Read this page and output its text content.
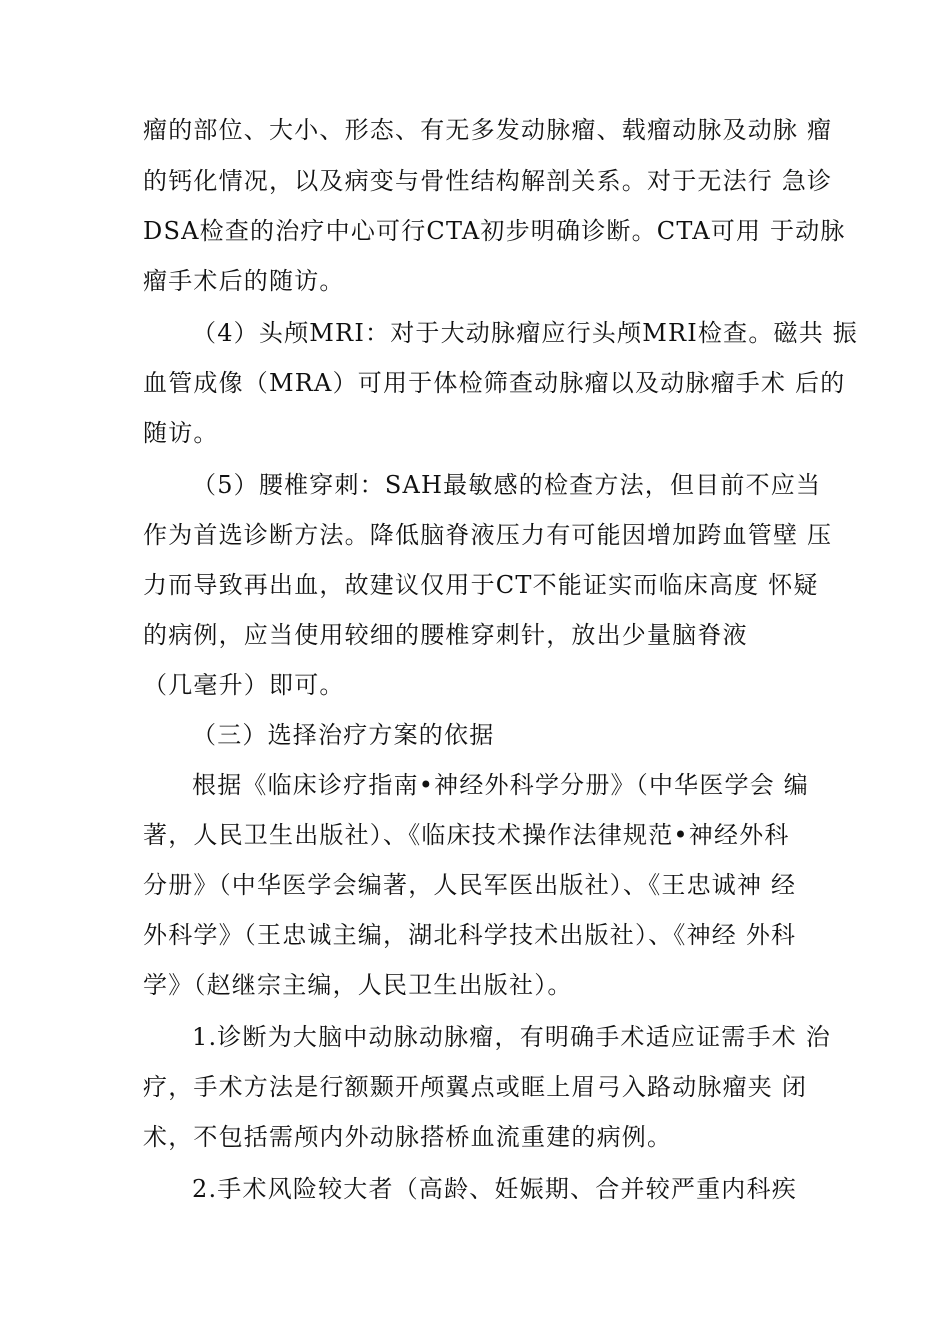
瘤的部位、大小、形态、有无多发动脉瘤、载瘤动脉及动脉 瘤
的钙化情况，以及病变与骨性结构解剖关系。对于无法行 急诊
DSA检查的治疗中心可行CTA初步明确诊断。CTA可用 于动脉
瘤手术后的随访。
（4）头颅MRI：对于大动脉瘤应行头颅MRI检查。磁共 振
血管成像（MRA）可用于体检筛查动脉瘤以及动脉瘤手术 后的
随访。
（5）腰椎穿刺：SAH最敏感的检查方法，但目前不应当
作为首选诊断方法。降低脑脊液压力有可能因增加跨血管壁 压
力而导致再出血，故建议仅用于CT不能证实而临床高度 怀疑
的病例，应当使用较细的腰椎穿刺针，放出少量脑脊液
（几毫升）即可。
（三）选择治疗方案的依据
根据《临床诊疗指南•神经外科学分册》（中华医学会 编
著，人民卫生出版社）、《临床技术操作法律规范•神经外科
分册》（中华医学会编著，人民军医出版社）、《王忠诚神 经
外科学》（王忠诚主编，湖北科学技术出版社）、《神经 外科
学》（赵继宗主编，人民卫生出版社）。
1.诊断为大脑中动脉动脉瘤，有明确手术适应证需手术 治
疗，手术方法是行额颞开颅翼点或眶上眉弓入路动脉瘤夹 闭
术，不包括需颅内外动脉搭桥血流重建的病例。
2.手术风险较大者（高龄、妊娠期、合并较严重内科疾
